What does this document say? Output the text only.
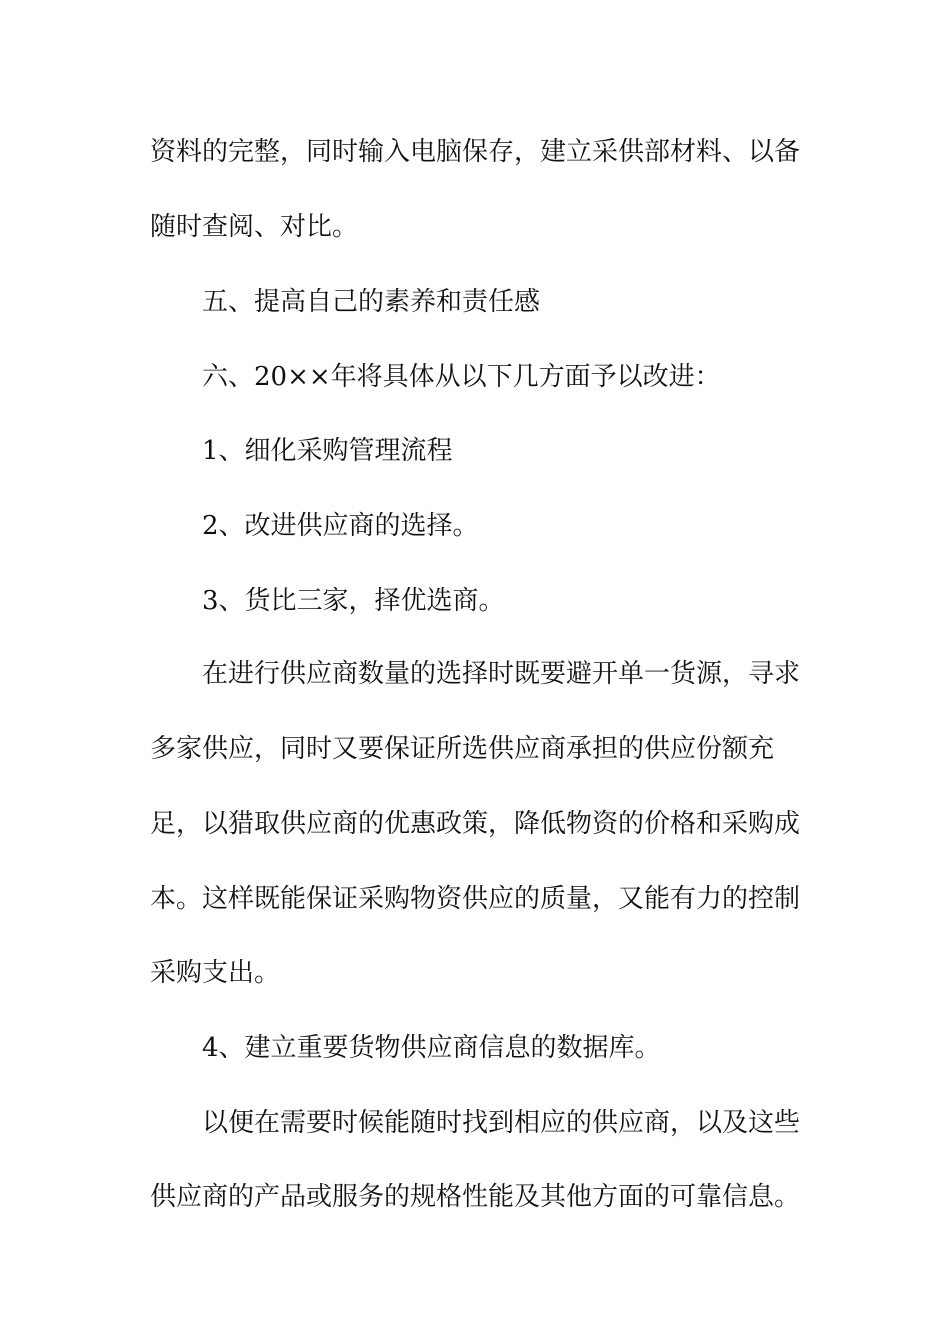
资料的完整，同时输入电脑保存，建立采供部材料、以备
随时查阅、对比。
五、提高自己的素养和责任感
六、20××年将具体从以下几方面予以改进：
1、细化采购管理流程
2、改进供应商的选择。
3、货比三家，择优选商。
在进行供应商数量的选择时既要避开单一货源，寻求
多家供应，同时又要保证所选供应商承担的供应份额充
足，以猎取供应商的优惠政策，降低物资的价格和采购成
本。这样既能保证采购物资供应的质量，又能有力的控制
采购支出。
4、建立重要货物供应商信息的数据库。
以便在需要时候能随时找到相应的供应商，以及这些
供应商的产品或服务的规格性能及其他方面的可靠信息。
